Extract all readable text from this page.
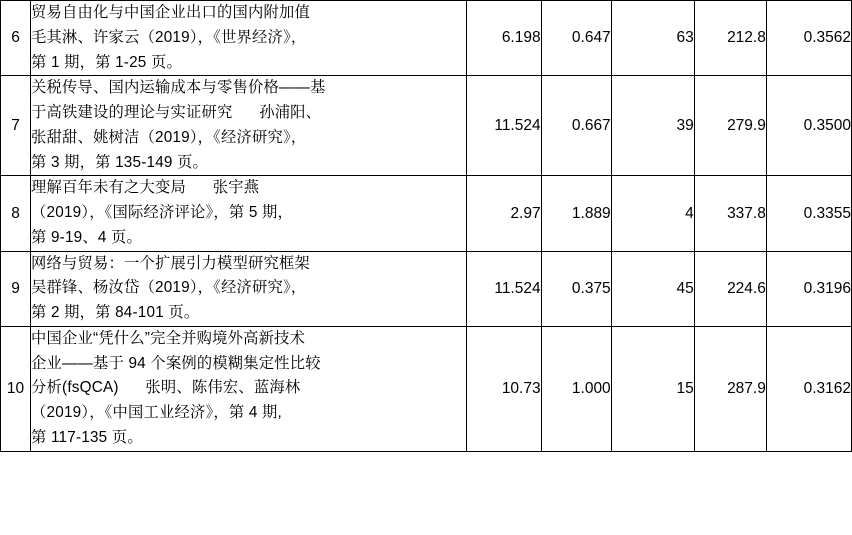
6	贸易自由化与中国企业出口的国内附加值
毛其淋、许家云（2019），《世界经济》，
第 1 期，第 1-25 页。	6.198	0.647	63	212.8	0.3562
7	关税传导、国内运输成本与零售价格——基
于高铁建设的理论与实证研究      孙浦阳、
张甜甜、姚树洁（2019），《经济研究》，
第 3 期，第 135-149 页。	11.524	0.667	39	279.9	0.3500
8	理解百年未有之大变局      张宇燕
（2019），《国际经济评论》，第 5 期，
第 9-19、4 页。	2.97	1.889	4	337.8	0.3355
9	网络与贸易：一个扩展引力模型研究框架
吴群锋、杨汝岱（2019），《经济研究》，
第 2 期，第 84-101 页。	11.524	0.375	45	224.6	0.3196
10	中国企业“凭什么”完全并购境外高新技术
企业——基于 94 个案例的模糊集定性比较
分析(fsQCA)      张明、陈伟宏、蓝海林
（2019），《中国工业经济》，第 4 期,
第 117-135 页。	10.73	1.000	15	287.9	0.3162
